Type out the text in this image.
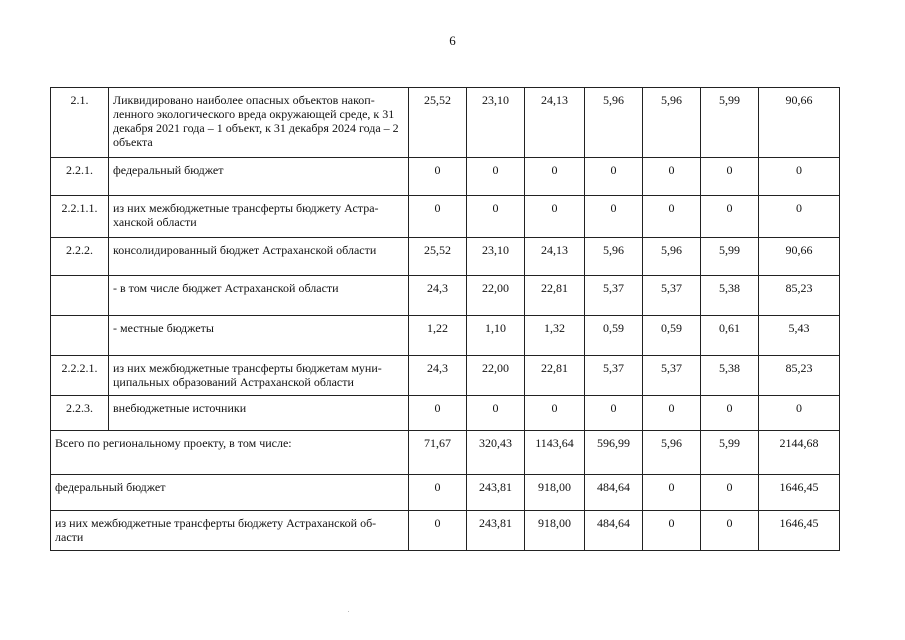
6
2.1.	Ликвидировано наиболее опасных объектов накоп-ленного экологического вреда окружающей среде, к 31 декабря 2021 года – 1 объект, к 31 декабря 2024 года – 2 объекта	25,52	23,10	24,13	5,96	5,96	5,99	90,66
2.2.1.	федеральный бюджет	0	0	0	0	0	0	0
2.2.1.1.	из них межбюджетные трансферты бюджету Астра-ханской области	0	0	0	0	0	0	0
2.2.2.	консолидированный бюджет Астраханской области	25,52	23,10	24,13	5,96	5,96	5,99	90,66
	- в том числе бюджет Астраханской области	24,3	22,00	22,81	5,37	5,37	5,38	85,23
	- местные бюджеты	1,22	1,10	1,32	0,59	0,59	0,61	5,43
2.2.2.1.	из них межбюджетные трансферты бюджетам муни-ципальных образований Астраханской области	24,3	22,00	22,81	5,37	5,37	5,38	85,23
2.2.3.	внебюджетные источники	0	0	0	0	0	0	0
Всего по региональному проекту, в том числе:		71,67	320,43	1143,64	596,99	5,96	5,99	2144,68
федеральный бюджет		0	243,81	918,00	484,64	0	0	1646,45
из них межбюджетные трансферты бюджету Астраханской об-ласти		0	243,81	918,00	484,64	0	0	1646,45
